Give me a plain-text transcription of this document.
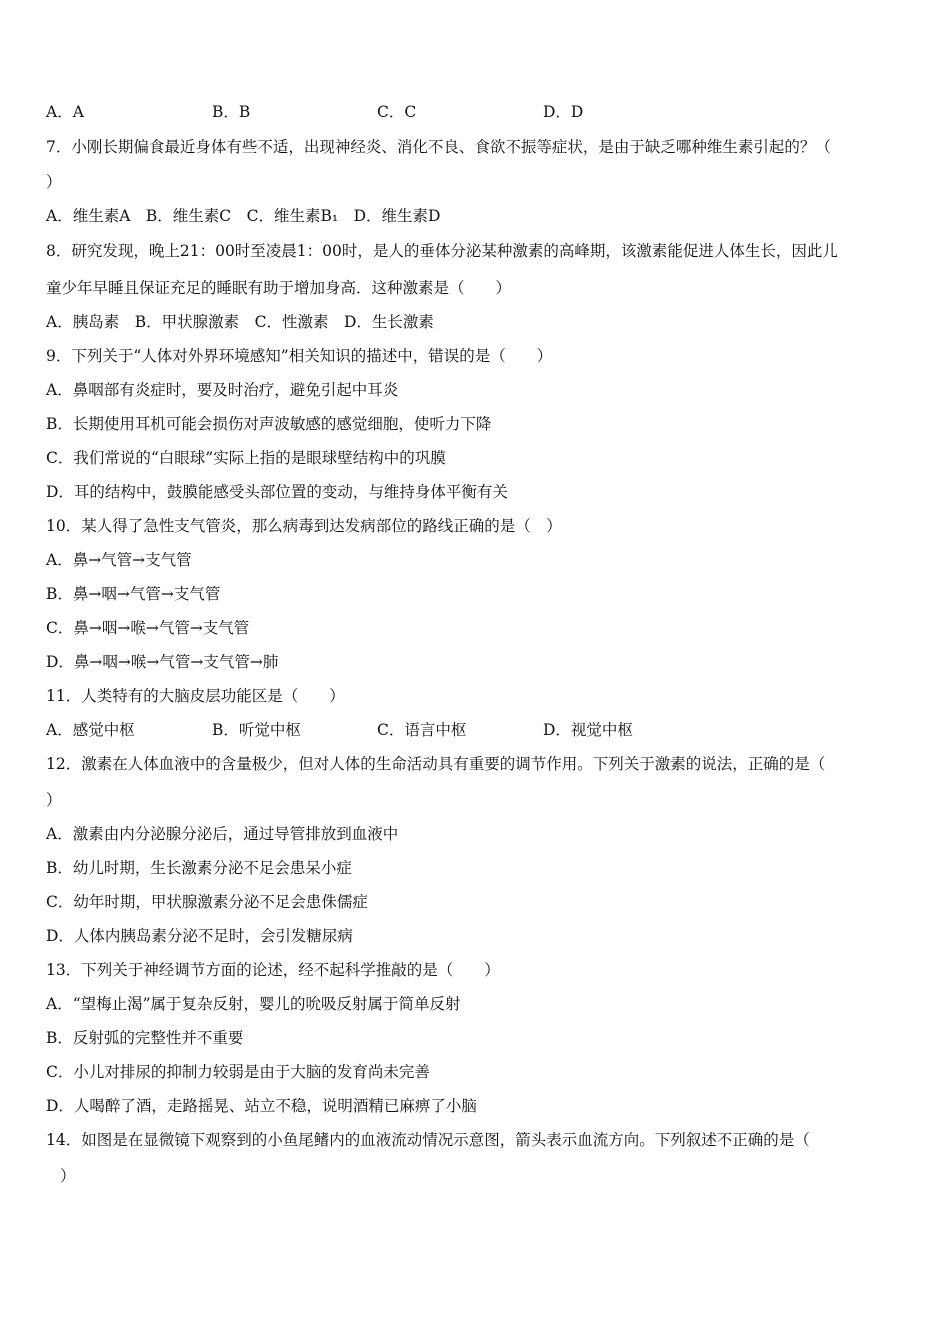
A．A	B．B	C．C	D．D
7．小刚长期偏食最近身体有些不适，出现神经炎、消化不良、食欲不振等症状，是由于缺乏哪种维生素引起的？（
）
A．维生素A　B．维生素C　C．维生素B₁　D．维生素D
8．研究发现，晚上21：00时至凌晨1：00时，是人的垂体分泌某种激素的高峰期，该激素能促进人体生长，因此儿
童少年早睡且保证充足的睡眠有助于增加身高．这种激素是（　　）
A．胰岛素　B．甲状腺激素　C．性激素　D．生长激素
9．下列关于“人体对外界环境感知”相关知识的描述中，错误的是（　　）
A．鼻咽部有炎症时，要及时治疗，避免引起中耳炎
B．长期使用耳机可能会损伤对声波敏感的感觉细胞，使听力下降
C．我们常说的“白眼球”实际上指的是眼球壁结构中的巩膜
D．耳的结构中，鼓膜能感受头部位置的变动，与维持身体平衡有关
10．某人得了急性支气管炎，那么病毒到达发病部位的路线正确的是（　）
A．鼻→气管→支气管
B．鼻→咽→气管→支气管
C．鼻→咽→喉→气管→支气管
D．鼻→咽→喉→气管→支气管→肺
11．人类特有的大脑皮层功能区是（　　）
A．感觉中枢	B．听觉中枢	C．语言中枢	D．视觉中枢
12．激素在人体血液中的含量极少，但对人体的生命活动具有重要的调节作用。下列关于激素的说法，正确的是（
）
A．激素由内分泌腺分泌后，通过导管排放到血液中
B．幼儿时期，生长激素分泌不足会患呆小症
C．幼年时期，甲状腺激素分泌不足会患侏儒症
D．人体内胰岛素分泌不足时，会引发糖尿病
13．下列关于神经调节方面的论述，经不起科学推敲的是（　　）
A．“望梅止渴”属于复杂反射，婴儿的吮吸反射属于简单反射
B．反射弧的完整性并不重要
C．小儿对排尿的抑制力较弱是由于大脑的发育尚未完善
D．人喝醉了酒，走路摇晃、站立不稳，说明酒精已麻痹了小脑
14．如图是在显微镜下观察到的小鱼尾鳍内的血液流动情况示意图，箭头表示血流方向。下列叙述不正确的是（
）
